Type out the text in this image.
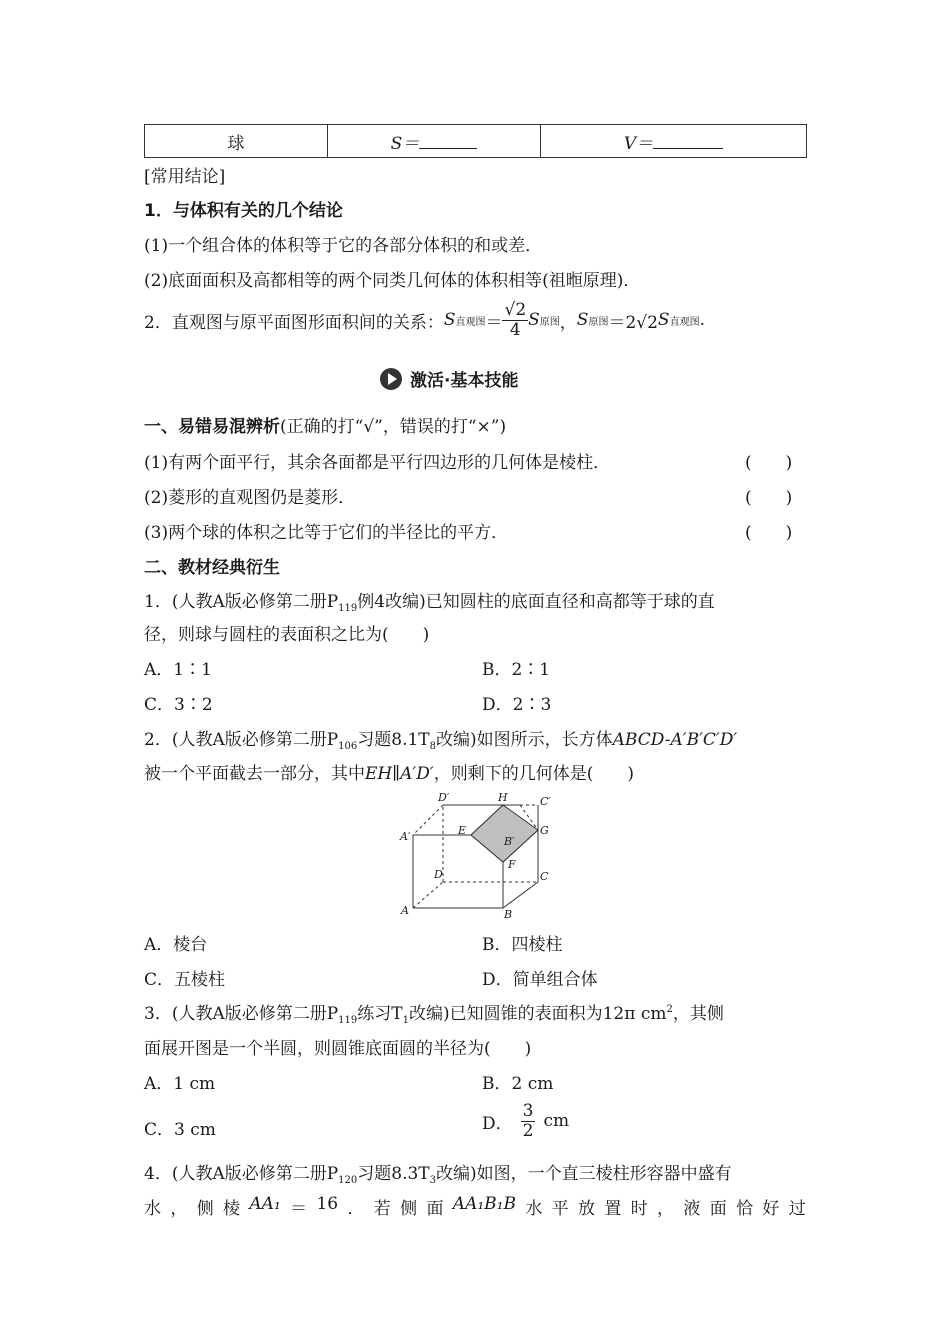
球	S＝	V＝
[常用结论]
1．与体积有关的几个结论
(1)一个组合体的体积等于它的各部分体积的和或差．
(2)底面面积及高都相等的两个同类几何体的体积相等(祖暅原理)．
2．直观图与原平面图形面积间的关系： S 直观图 ＝ $\frac{√2}{4}$ S 原图 ， S 原图 ＝2√2 S 直观图 .
激活·基本技能
一、易错易混辨析(正确的打“√”，错误的打“×”)
(1)有两个面平行，其余各面都是平行四边形的几何体是棱柱．	(　　)
(2)菱形的直观图仍是菱形．	(　　)
(3)两个球的体积之比等于它们的半径比的平方．	(　　)
二、教材经典衍生
1．(人教A版必修第二册$P_{119}$例4改编)已知圆柱的底面直径和高都等于球的直
径，则球与圆柱的表面积之比为(　　)
A．1∶1	B．2∶1
C．3∶2	D．2∶3
2．(人教A版必修第二册$P_{106}$习题$8.1T_8$改编)如图所示，长方体ABCD-A′B′C′D′
被一个平面截去一部分，其中EH∥A′D′，则剩下的几何体是(　　)
D′	H	C′
A′	E
B′
G
F
D	C
A	B
A．棱台	B．四棱柱
C．五棱柱	D．简单组合体
3．(人教A版必修第二册$P_{119}$练习$T_1$改编)已知圆锥的表面积为12π $cm^2$，其侧
面展开图是一个半圆，则圆锥底面圆的半径为(　　)
A．1 cm	B．2 cm
C．3 cm	D． $\frac{3}{2}$ cm
4．(人教A版必修第二册$P_{120}$习题$8.3T_3$改编)如图，一个直三棱柱形容器中盛有
水 ， 侧 棱 AA₁ ＝ 16 ． 若 侧 面 AA₁B₁B 水 平 放 置 时 ， 液 面 恰 好 过
